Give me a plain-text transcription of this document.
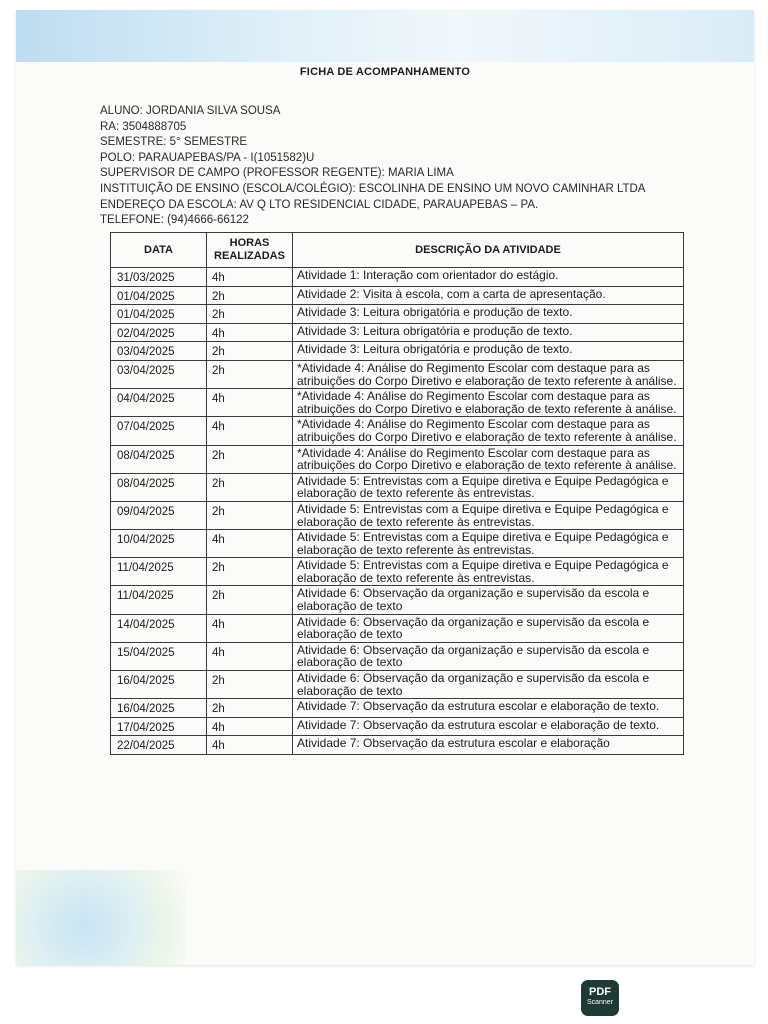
FICHA DE ACOMPANHAMENTO
ALUNO: JORDANIA SILVA SOUSA
RA: 3504888705
SEMESTRE: 5° SEMESTRE
POLO: PARAUAPEBAS/PA - I(1051582)U
SUPERVISOR DE CAMPO (PROFESSOR REGENTE): MARIA LIMA
INSTITUIÇÃO DE ENSINO (ESCOLA/COLÉGIO): ESCOLINHA DE ENSINO UM NOVO CAMINHAR LTDA
ENDEREÇO DA ESCOLA: AV Q LTO RESIDENCIAL CIDADE, PARAUAPEBAS – PA.
TELEFONE: (94)4666-66122
DATA	HORAS REALIZADAS	DESCRIÇÃO DA ATIVIDADE
31/03/2025	4h	Atividade 1: Interação com orientador do estágio.
01/04/2025	2h	Atividade 2: Visita à escola, com a carta de apresentação.
01/04/2025	2h	Atividade 3: Leitura obrigatória e produção de texto.
02/04/2025	4h	Atividade 3: Leitura obrigatória e produção de texto.
03/04/2025	2h	Atividade 3: Leitura obrigatória e produção de texto.
03/04/2025	2h	*Atividade 4: Análise do Regimento Escolar com destaque para as atribuições do Corpo Diretivo e elaboração de texto referente à análise.
04/04/2025	4h	*Atividade 4: Análise do Regimento Escolar com destaque para as atribuições do Corpo Diretivo e elaboração de texto referente à análise.
07/04/2025	4h	*Atividade 4: Análise do Regimento Escolar com destaque para as atribuições do Corpo Diretivo e elaboração de texto referente à análise.
08/04/2025	2h	*Atividade 4: Análise do Regimento Escolar com destaque para as atribuições do Corpo Diretivo e elaboração de texto referente à análise.
08/04/2025	2h	Atividade 5: Entrevistas com a Equipe diretiva e Equipe Pedagógica e elaboração de texto referente às entrevistas.
09/04/2025	2h	Atividade 5: Entrevistas com a Equipe diretiva e Equipe Pedagógica e elaboração de texto referente às entrevistas.
10/04/2025	4h	Atividade 5: Entrevistas com a Equipe diretiva e Equipe Pedagógica e elaboração de texto referente às entrevistas.
11/04/2025	2h	Atividade 5: Entrevistas com a Equipe diretiva e Equipe Pedagógica e elaboração de texto referente às entrevistas.
11/04/2025	2h	Atividade 6: Observação da organização e supervisão da escola e elaboração de texto
14/04/2025	4h	Atividade 6: Observação da organização e supervisão da escola e elaboração de texto
15/04/2025	4h	Atividade 6: Observação da organização e supervisão da escola e elaboração de texto
16/04/2025	2h	Atividade 6: Observação da organização e supervisão da escola e elaboração de texto
16/04/2025	2h	Atividade 7: Observação da estrutura escolar e elaboração de texto.
17/04/2025	4h	Atividade 7: Observação da estrutura escolar e elaboração de texto.
22/04/2025	4h	Atividade 7: Observação da estrutura escolar e elaboração
PDF
Scanner
